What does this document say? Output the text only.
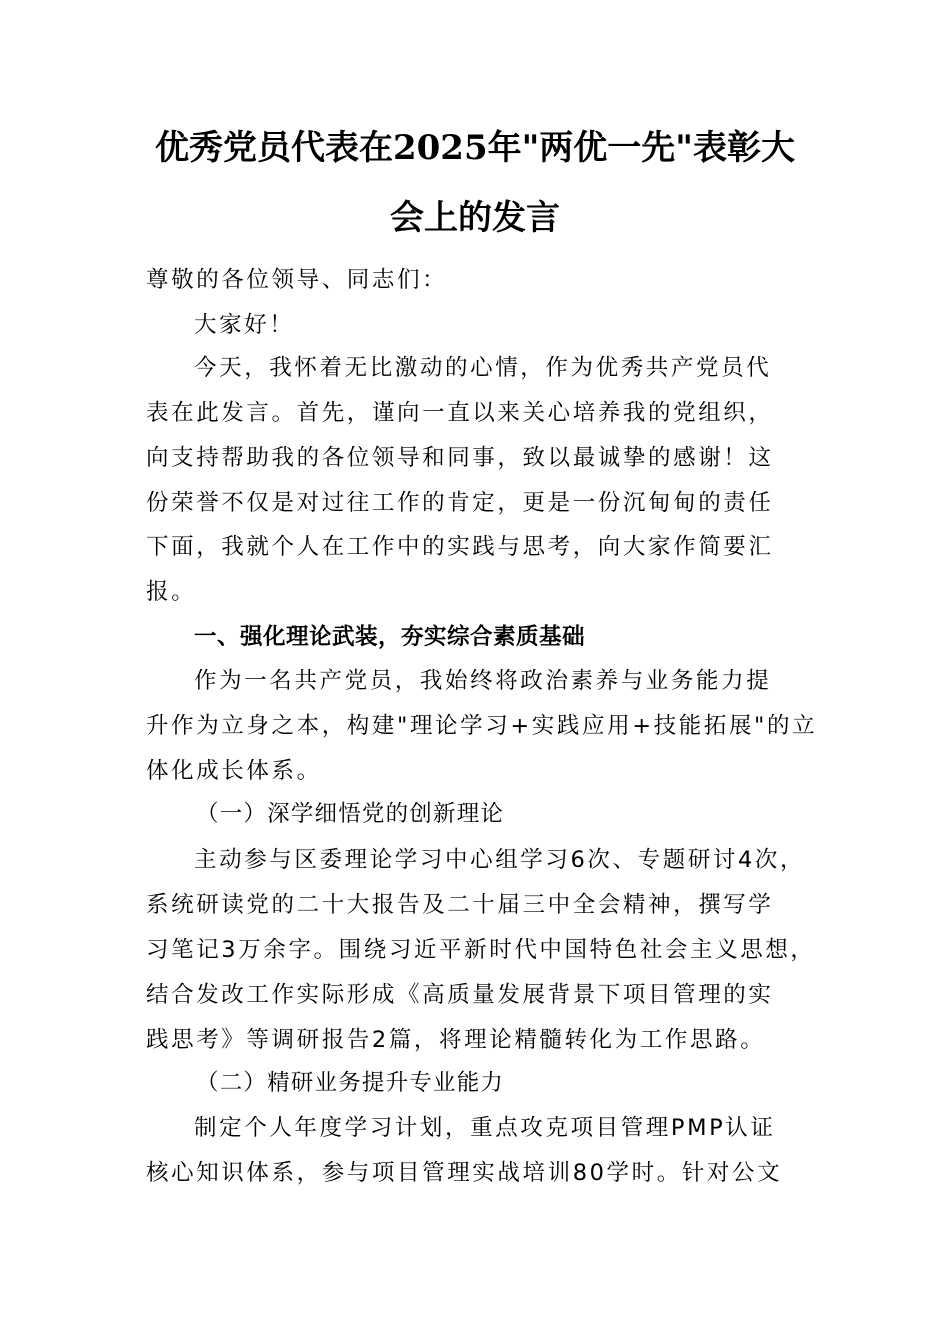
优秀党员代表在2025年"两优一先"表彰大
会上的发言
尊敬的各位领导、同志们：
大家好！
今天，我怀着无比激动的心情，作为优秀共产党员代
表在此发言。首先，谨向一直以来关心培养我的党组织，
向支持帮助我的各位领导和同事，致以最诚挚的感谢！这
份荣誉不仅是对过往工作的肯定，更是一份沉甸甸的责任
下面，我就个人在工作中的实践与思考，向大家作简要汇
报。
一、强化理论武装，夯实综合素质基础
作为一名共产党员，我始终将政治素养与业务能力提
升作为立身之本，构建"理论学习+实践应用+技能拓展"的立
体化成长体系。
（一）深学细悟党的创新理论
主动参与区委理论学习中心组学习6次、专题研讨4次，
系统研读党的二十大报告及二十届三中全会精神，撰写学
习笔记3万余字。围绕习近平新时代中国特色社会主义思想，
结合发改工作实际形成《高质量发展背景下项目管理的实
践思考》等调研报告2篇，将理论精髓转化为工作思路。
（二）精研业务提升专业能力
制定个人年度学习计划，重点攻克项目管理PMP认证
核心知识体系，参与项目管理实战培训80学时。针对公文
